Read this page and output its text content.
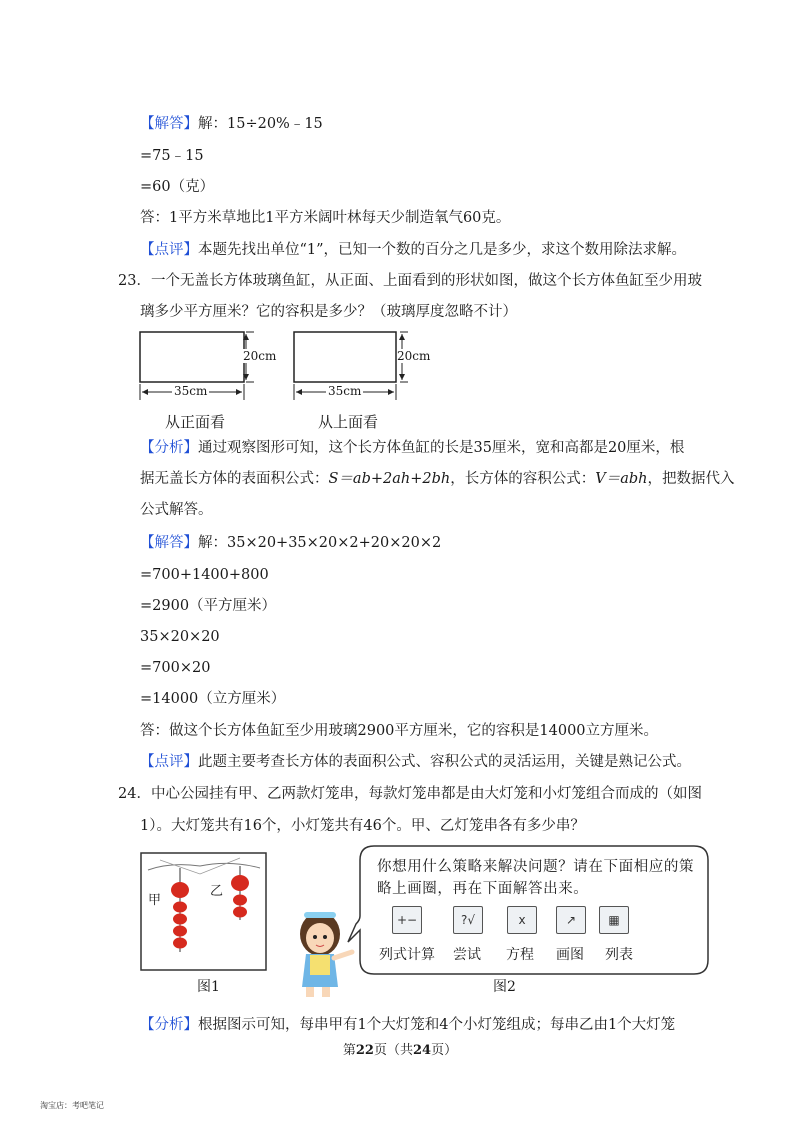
【解答】解：15÷20%﹣15
=75﹣15
=60（克）
答：1平方米草地比1平方米阔叶林每天少制造氧气60克。
【点评】本题先找出单位“1”，已知一个数的百分之几是多少，求这个数用除法求解。
23．一个无盖长方体玻璃鱼缸，从正面、上面看到的形状如图，做这个长方体鱼缸至少用玻
璃多少平方厘米？它的容积是多少？（玻璃厚度忽略不计）
20cm
35cm
20cm
35cm
从正面看	从上面看
【分析】通过观察图形可知，这个长方体鱼缸的长是35厘米，宽和高都是20厘米，根
据无盖长方体的表面积公式：S＝ab+2ah+2bh，长方体的容积公式：V＝abh，把数据代入
公式解答。
【解答】解：35×20+35×20×2+20×20×2
=700+1400+800
=2900（平方厘米）
35×20×20
=700×20
=14000（立方厘米）
答：做这个长方体鱼缸至少用玻璃2900平方厘米，它的容积是14000立方厘米。
【点评】此题主要考查长方体的表面积公式、容积公式的灵活运用，关键是熟记公式。
24．中心公园挂有甲、乙两款灯笼串，每款灯笼串都是由大灯笼和小灯笼组合而成的（如图
1）。大灯笼共有16个，小灯笼共有46个。甲、乙灯笼串各有多少串？
甲
乙
图1
你想用什么策略来解决问题？请在下面相应的策
略上画圈，再在下面解答出来。
+−	?√	x	↗	▦
列式计算 尝试 方程 画图 列表
图2
【分析】根据图示可知，每串甲有1个大灯笼和4个小灯笼组成；每串乙由1个大灯笼
第22页（共24页）
淘宝店：考吧笔记
